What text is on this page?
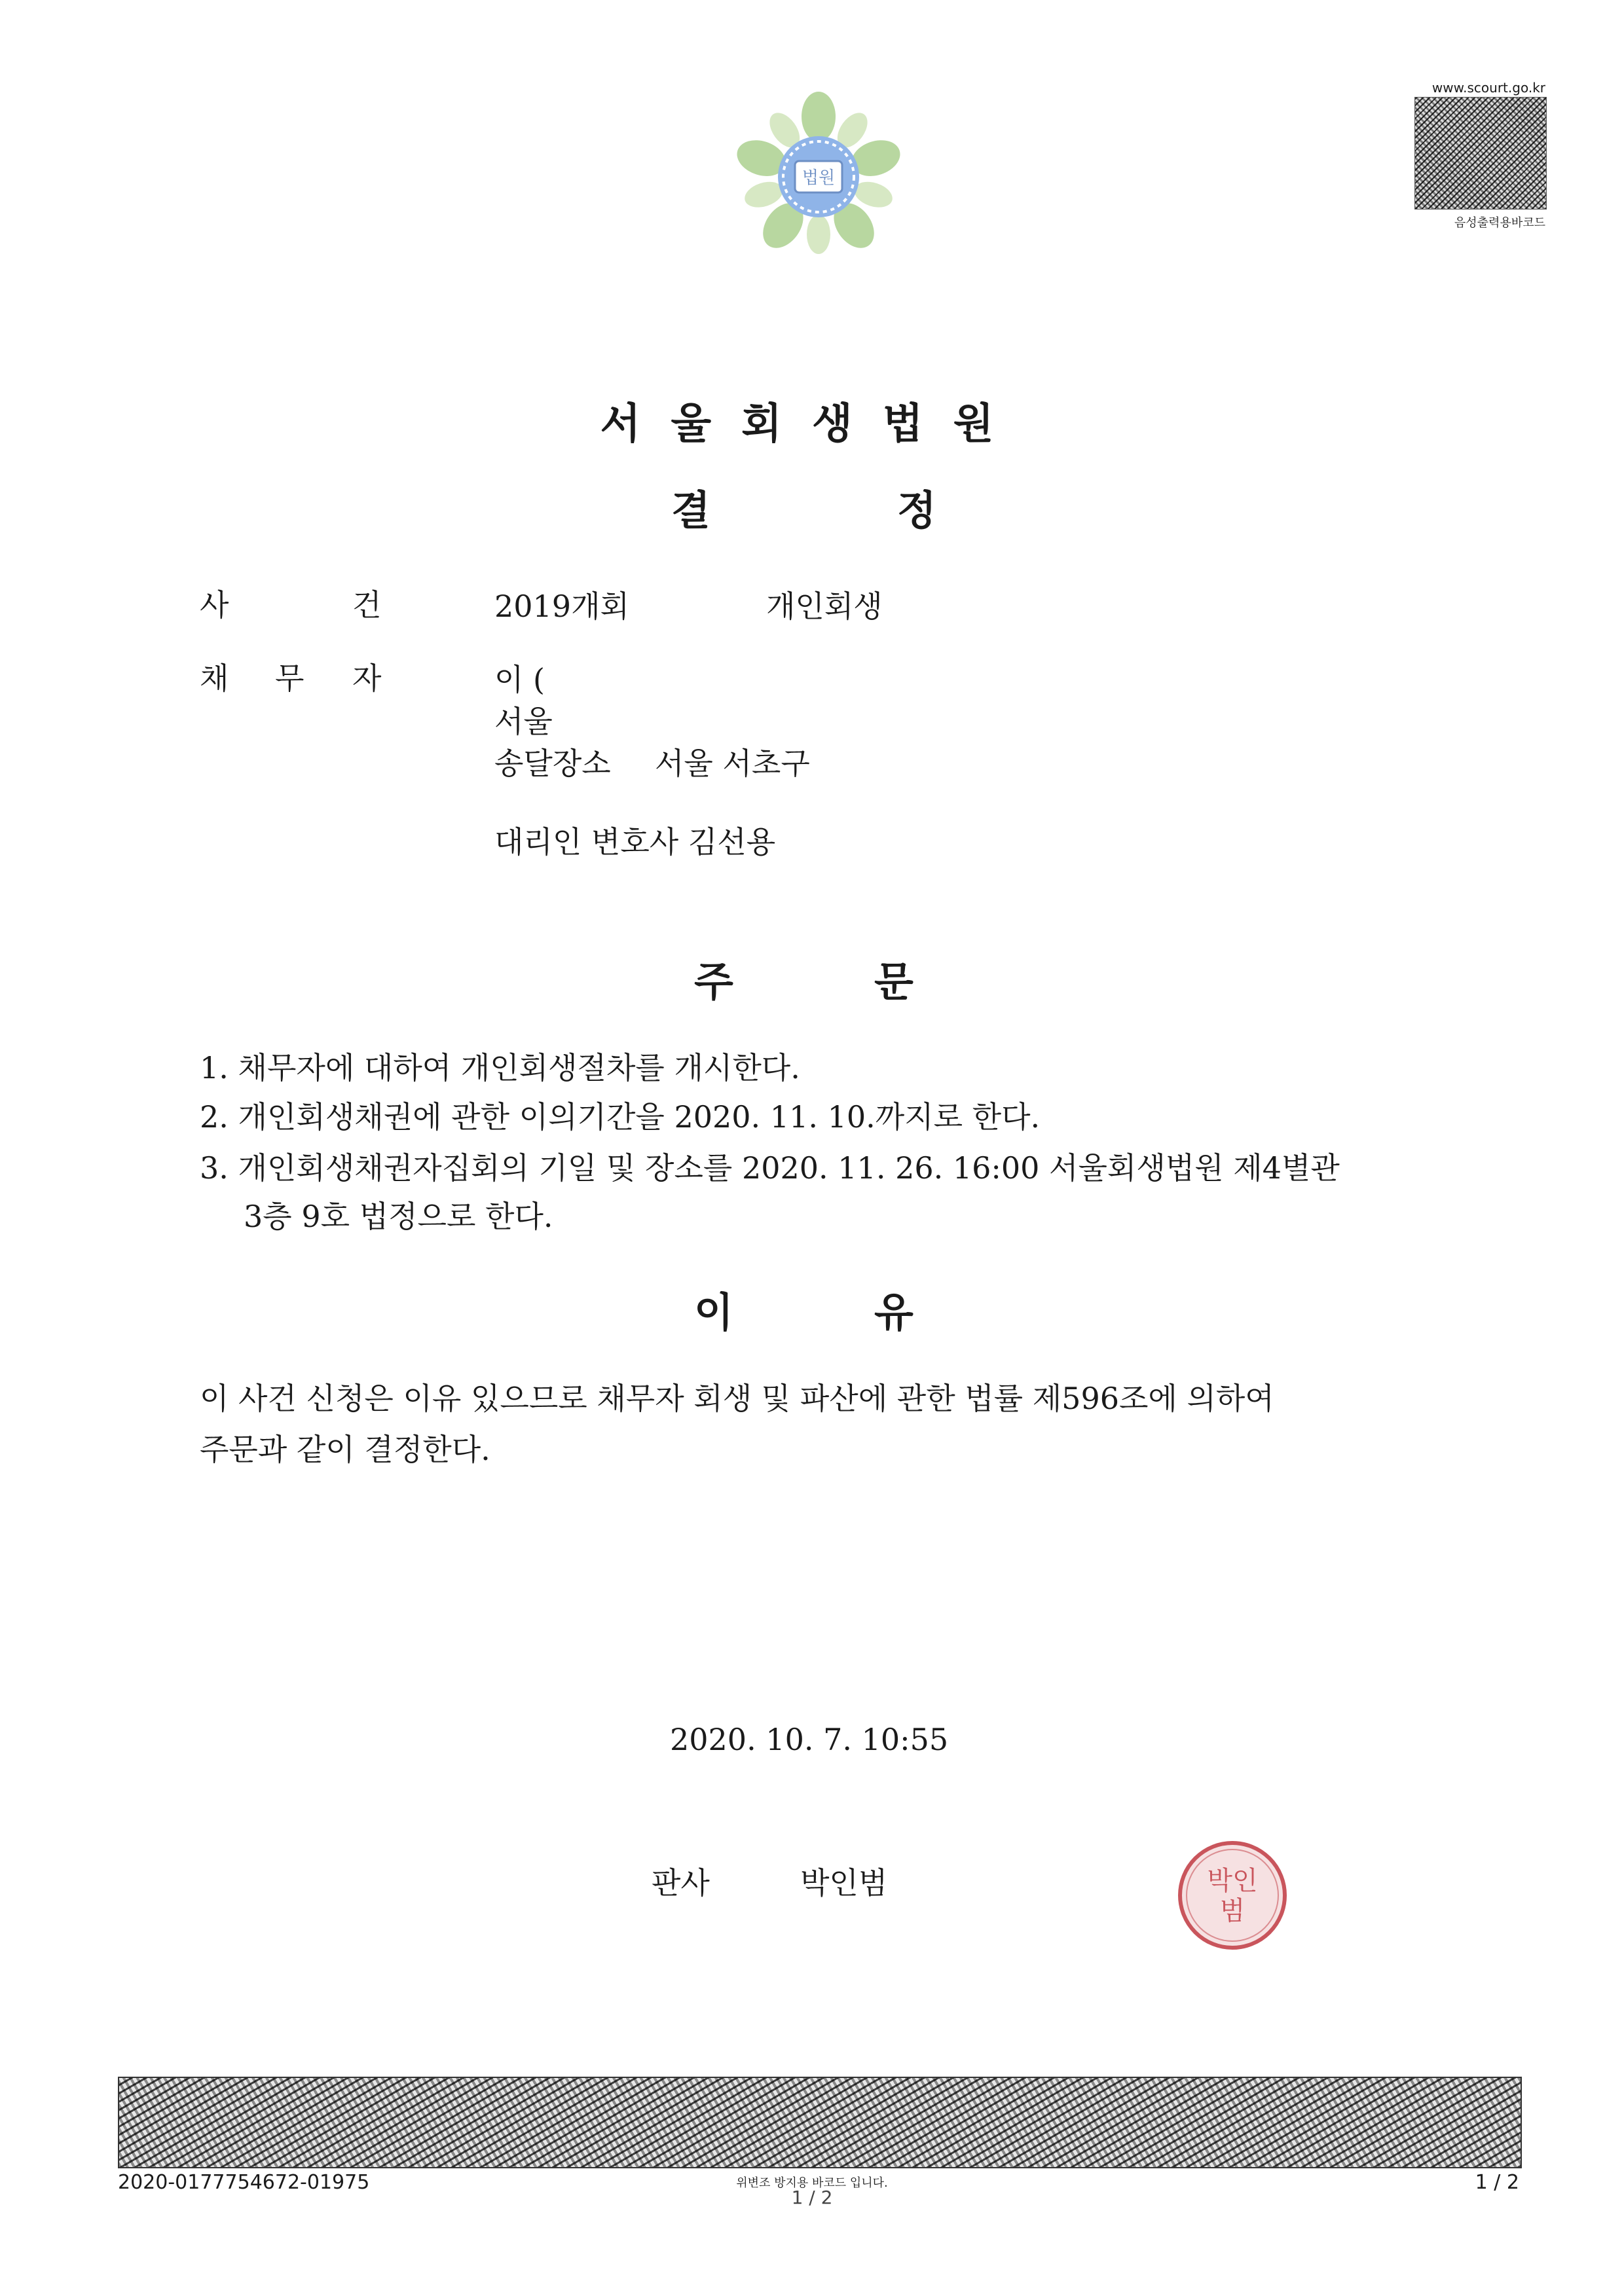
법원
www.scourt.go.kr
음성출력용바코드
서울회생법원
결	정
사	건	2019개회	개인회생
채 무 자	이 (
서울
송달장소 서울 서초구
대리인 변호사 김선용
주	문
1. 채무자에 대하여 개인회생절차를 개시한다.
2. 개인회생채권에 관한 이의기간을 2020. 11. 10.까지로 한다.
3. 개인회생채권자집회의 기일 및 장소를 2020. 11. 26. 16:00 서울회생법원 제4별관
3층 9호 법정으로 한다.
이	유
이 사건 신청은 이유 있으므로 채무자 회생 및 파산에 관한 법률 제596조에 의하여
주문과 같이 결정한다.
2020. 10. 7. 10:55
판사	박인범	박인
범
2020-0177754672-01975	위변조 방지용 바코드 입니다.
1 / 2
1 / 2
